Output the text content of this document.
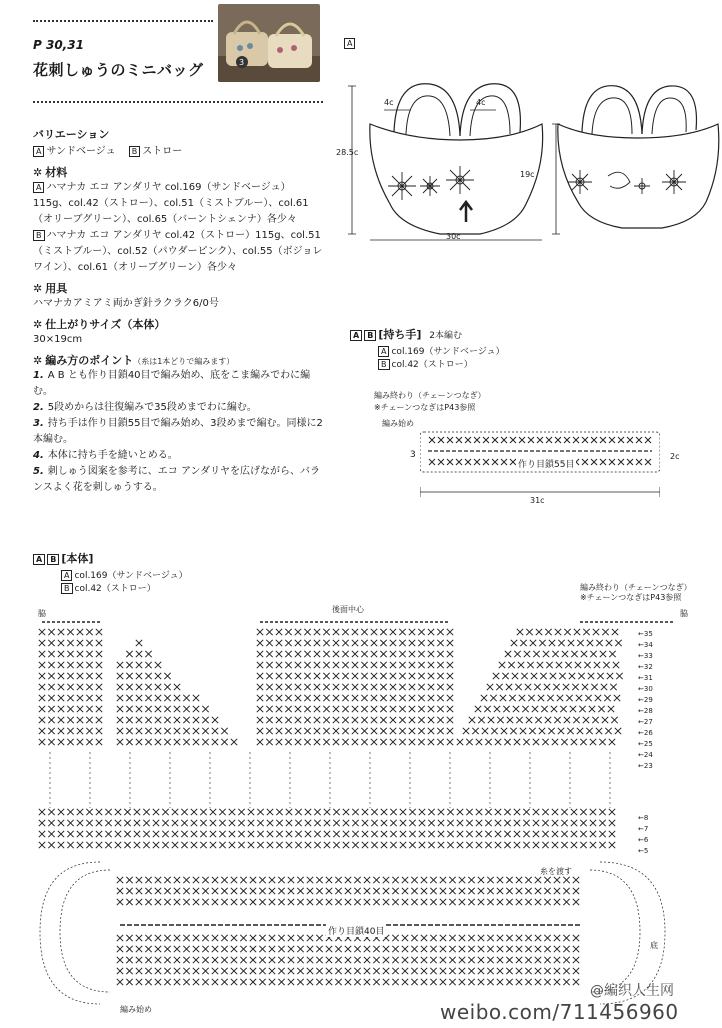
P 30,31
花刺しゅうのミニバッグ	3
バリエーション
A サンドベージュ B ストロー
✲ 材料
A ハマナカ エコ アンダリヤ col.169（サンドベージュ）115g、col.42（ストロー）、col.51（ミストブルー）、col.61（オリーブグリーン）、col.65（バーントシェンナ）各少々
B ハマナカ エコ アンダリヤ col.42（ストロー）115g、col.51（ミストブルー）、col.52（パウダーピンク）、col.55（ボジョレワイン）、col.61（オリーブグリーン）各少々
✲ 用具
ハマナカアミアミ両かぎ針ラクラク6/0号
✲ 仕上がりサイズ（本体）
30×19cm
✲ 編み方のポイント（糸は1本どりで編みます）
1. A B とも作り目鎖40目で編み始め、底をこま編みでわに編む。
2. 5段めからは往復編みで35段めまでわに編む。
3. 持ち手は作り目鎖55目で編み始め、3段めまで編む。同様に2本編む。
4. 本体に持ち手を縫いとめる。
5. 刺しゅう図案を参考に、エコ アンダリヤを広げながら、バランスよく花を刺しゅうする。
A
4c	4c
28.5c
19c
30c
A B [持ち手] 2本編む
A col.169（サンドベージュ）
B col.42（ストロー）
編み終わり（チェーンつなぎ）
※チェーンつなぎはP43参照
編み始め
3
作り目鎖55目
2c
31c
A B [本体]
A col.169（サンドベージュ）
B col.42（ストロー）
脇	後面中心
編み終わり（チェーンつなぎ）
※チェーンつなぎはP43参照
脇
←35
←34
←33
←32
←31
←30
←29
←28
←27
←26
←25
←24
←23
←8
←7
←6
←5
糸を渡す
作り目鎖40目
底
編み始め
@編织人生网
weibo.com/711456960
